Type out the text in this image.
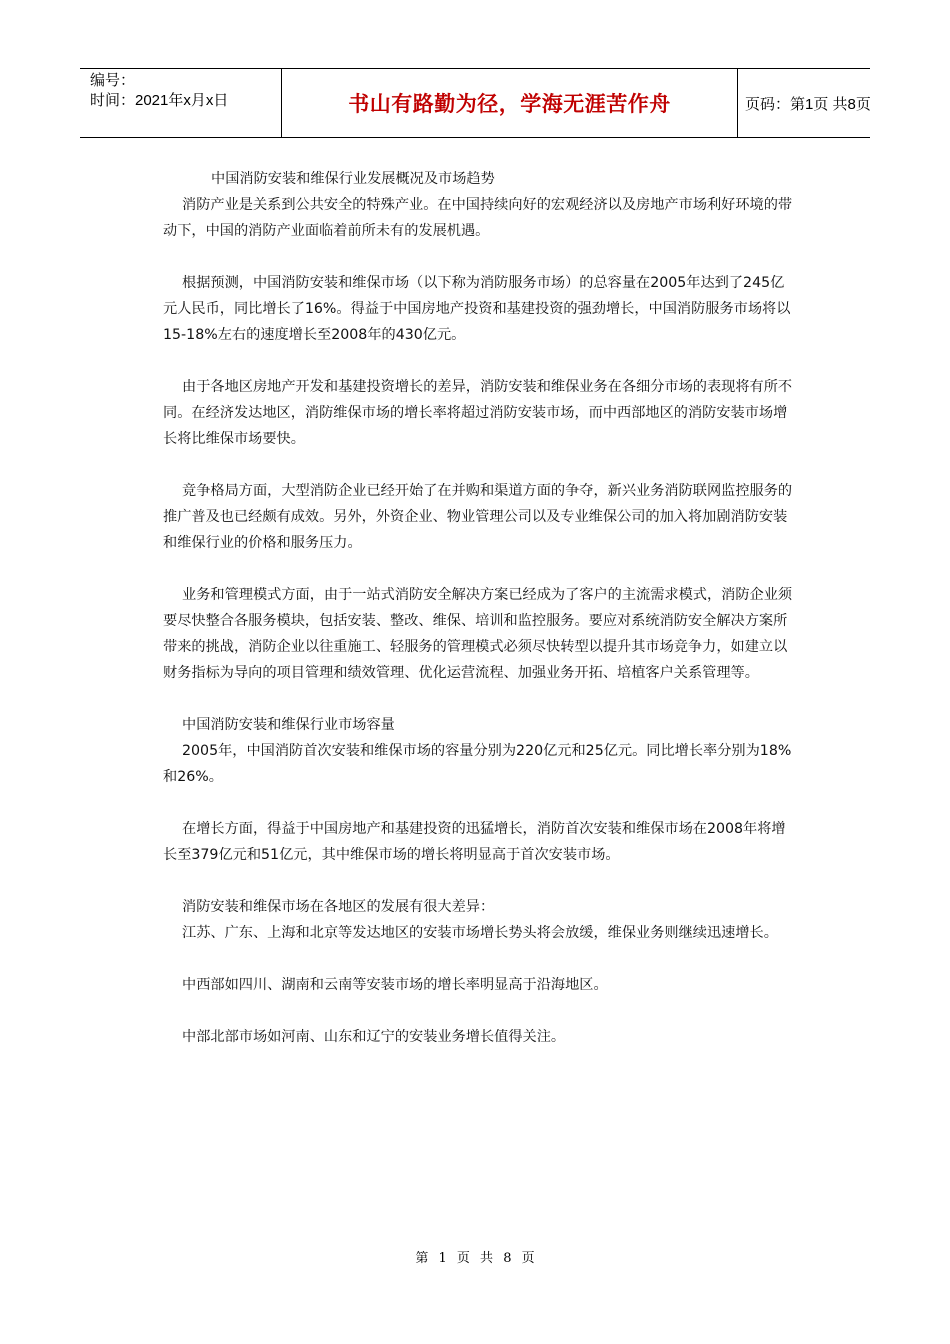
编号：
时间：2021年x月x日	书山有路勤为径，学海无涯苦作舟	页码：第1页 共8页

中国消防安装和维保行业发展概况及市场趋势

消防产业是关系到公共安全的特殊产业。在中国持续向好的宏观经济以及房地产市场利好环境的带动下，中国的消防产业面临着前所未有的发展机遇。

根据预测，中国消防安装和维保市场（以下称为消防服务市场）的总容量在2005年达到了245亿元人民币，同比增长了16%。得益于中国房地产投资和基建投资的强劲增长，中国消防服务市场将以15-18%左右的速度增长至2008年的430亿元。

由于各地区房地产开发和基建投资增长的差异，消防安装和维保业务在各细分市场的表现将有所不同。在经济发达地区，消防维保市场的增长率将超过消防安装市场，而中西部地区的消防安装市场增长将比维保市场要快。

竞争格局方面，大型消防企业已经开始了在并购和渠道方面的争夺，新兴业务消防联网监控服务的推广普及也已经颇有成效。另外，外资企业、物业管理公司以及专业维保公司的加入将加剧消防安装和维保行业的价格和服务压力。

业务和管理模式方面，由于一站式消防安全解决方案已经成为了客户的主流需求模式，消防企业须要尽快整合各服务模块，包括安装、整改、维保、培训和监控服务。要应对系统消防安全解决方案所带来的挑战，消防企业以往重施工、轻服务的管理模式必须尽快转型以提升其市场竞争力，如建立以财务指标为导向的项目管理和绩效管理、优化运营流程、加强业务开拓、培植客户关系管理等。

中国消防安装和维保行业市场容量

2005年，中国消防首次安装和维保市场的容量分别为220亿元和25亿元。同比增长率分别为18%和26%。

在增长方面，得益于中国房地产和基建投资的迅猛增长，消防首次安装和维保市场在2008年将增长至379亿元和51亿元，其中维保市场的增长将明显高于首次安装市场。

消防安装和维保市场在各地区的发展有很大差异：

江苏、广东、上海和北京等发达地区的安装市场增长势头将会放缓，维保业务则继续迅速增长。

中西部如四川、湖南和云南等安装市场的增长率明显高于沿海地区。

中部北部市场如河南、山东和辽宁的安装业务增长值得关注。

第 1 页 共 8 页
